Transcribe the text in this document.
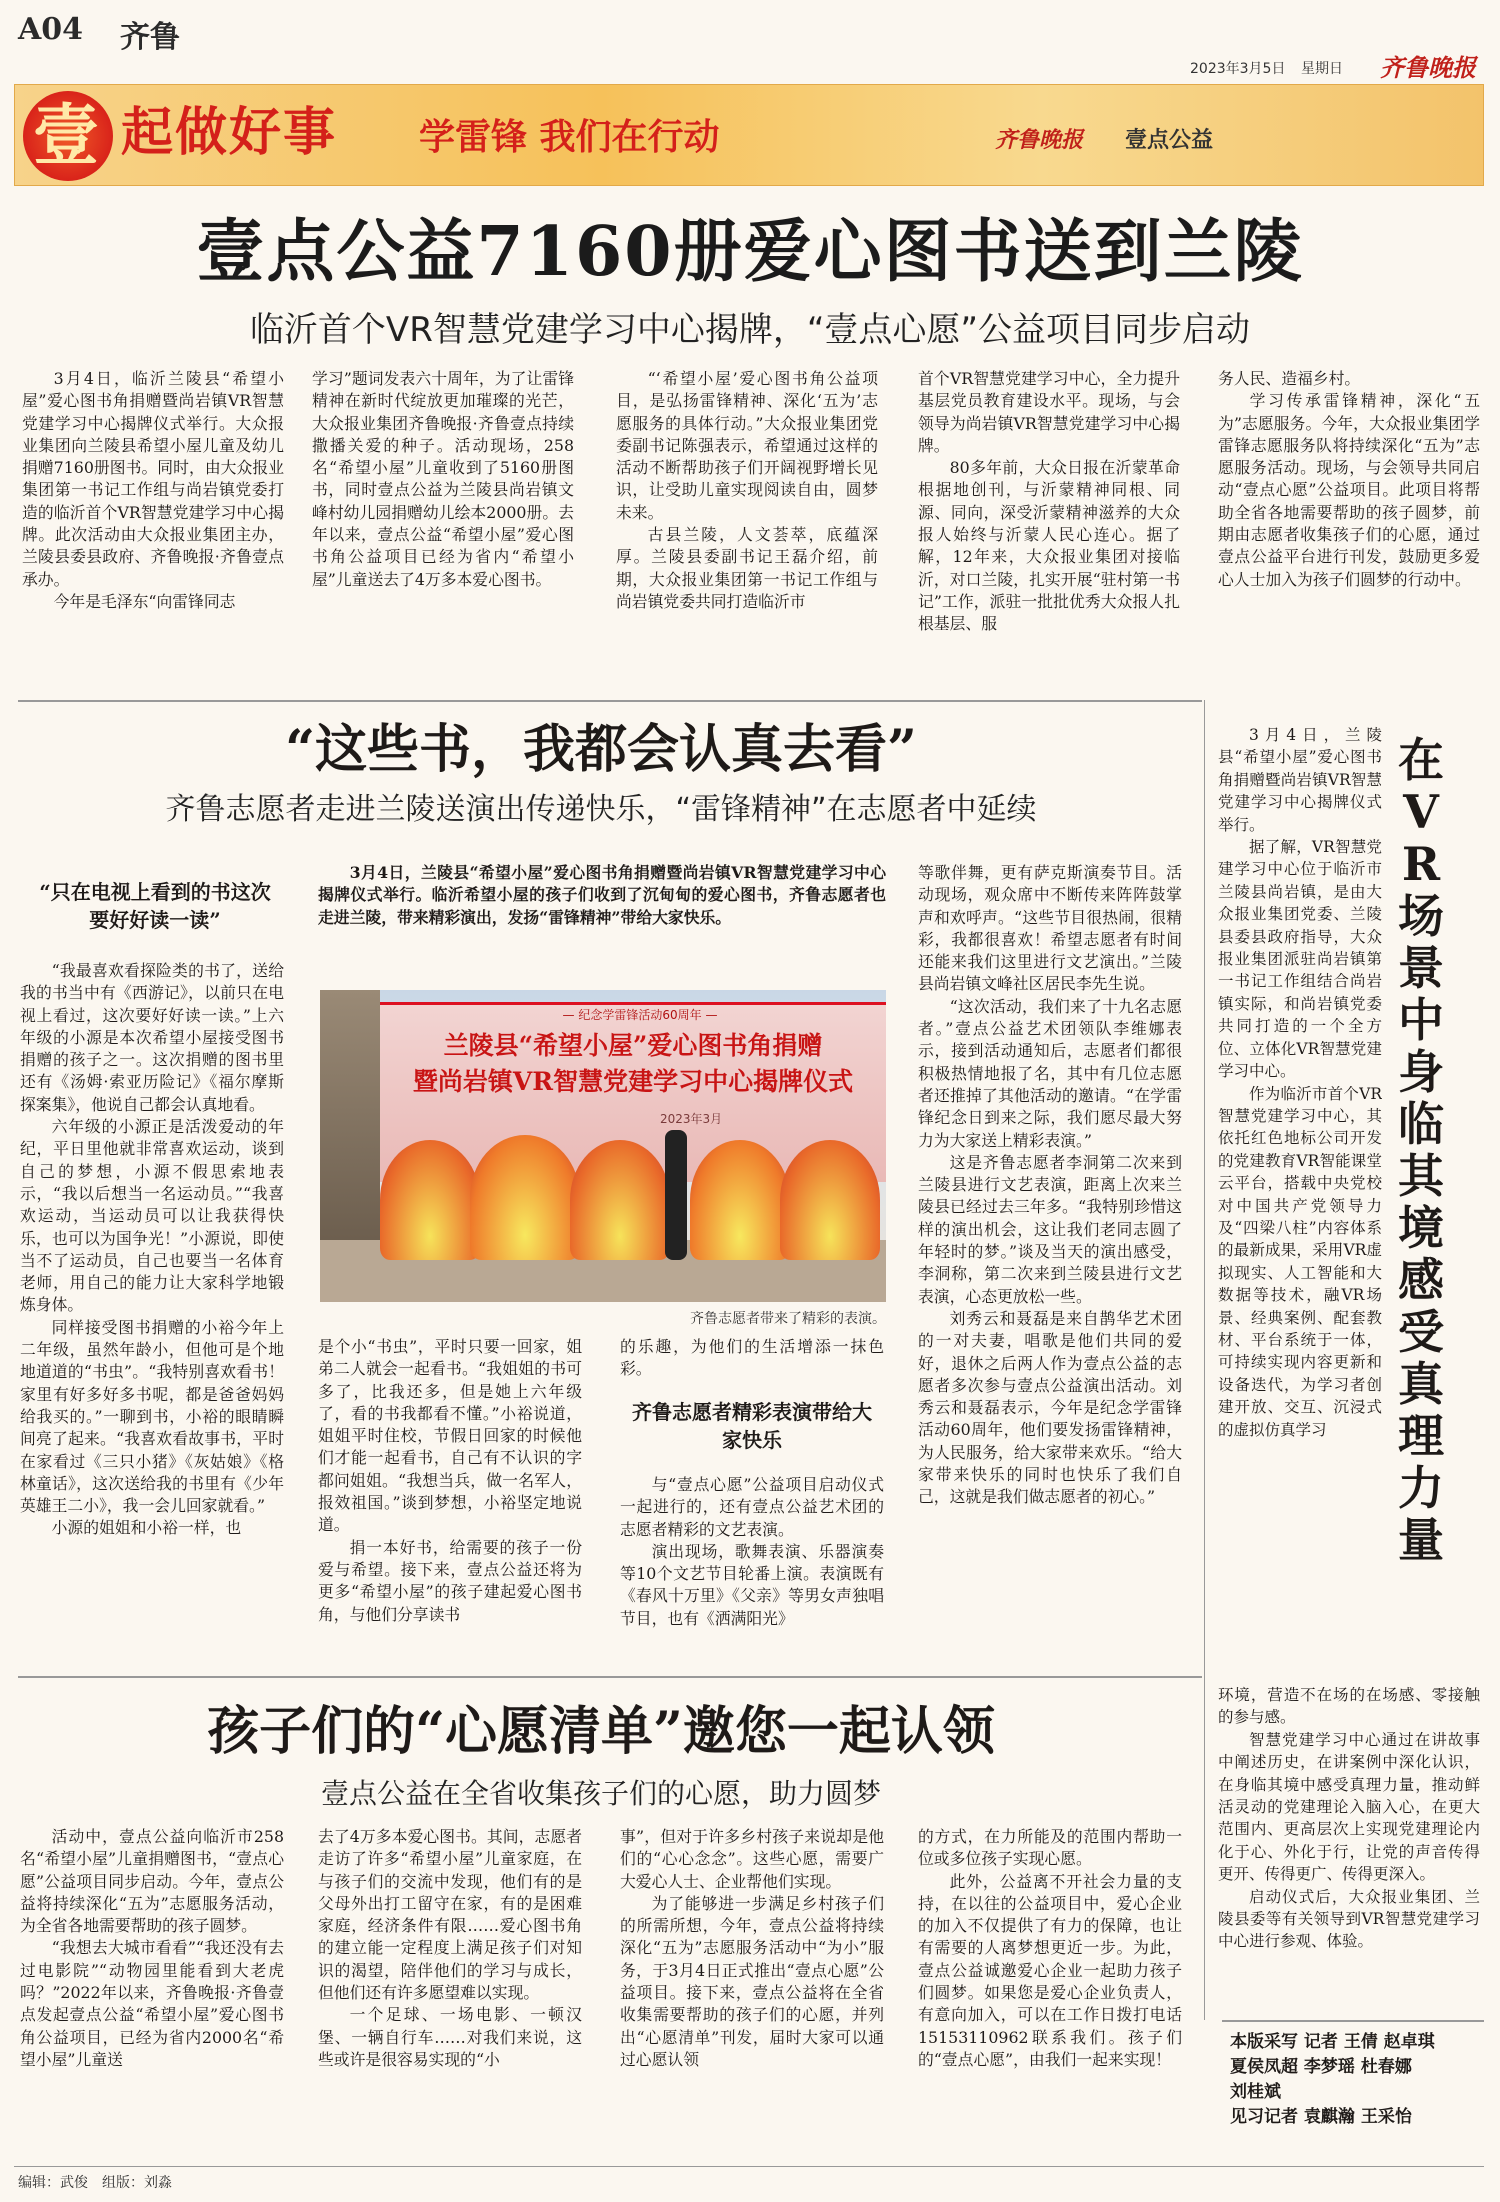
A04 齐鲁
2023年3月5日 星期日 齐鲁晚报
壹 起做好事 学雷锋 我们在行动	齐鲁晚报 壹点公益
壹点公益7160册爱心图书送到兰陵
临沂首个VR智慧党建学习中心揭牌，“壹点心愿”公益项目同步启动

3月4日，临沂兰陵县“希望小屋”爱心图书角捐赠暨尚岩镇VR智慧党建学习中心揭牌仪式举行。大众报业集团向兰陵县希望小屋儿童及幼儿捐赠7160册图书。同时，由大众报业集团第一书记工作组与尚岩镇党委打造的临沂首个VR智慧党建学习中心揭牌。此次活动由大众报业集团主办，兰陵县委县政府、齐鲁晚报·齐鲁壹点承办。

今年是毛泽东“向雷锋同志

学习”题词发表六十周年，为了让雷锋精神在新时代绽放更加璀璨的光芒，大众报业集团齐鲁晚报·齐鲁壹点持续撒播关爱的种子。活动现场，258名“希望小屋”儿童收到了5160册图书，同时壹点公益为兰陵县尚岩镇文峰村幼儿园捐赠幼儿绘本2000册。去年以来，壹点公益“希望小屋”爱心图书角公益项目已经为省内“希望小屋”儿童送去了4万多本爱心图书。

“‘希望小屋’爱心图书角公益项目，是弘扬雷锋精神、深化‘五为’志愿服务的具体行动。”大众报业集团党委副书记陈强表示，希望通过这样的活动不断帮助孩子们开阔视野增长见识，让受助儿童实现阅读自由，圆梦未来。

古县兰陵，人文荟萃，底蕴深厚。兰陵县委副书记王磊介绍，前期，大众报业集团第一书记工作组与尚岩镇党委共同打造临沂市

首个VR智慧党建学习中心，全力提升基层党员教育建设水平。现场，与会领导为尚岩镇VR智慧党建学习中心揭牌。

80多年前，大众日报在沂蒙革命根据地创刊，与沂蒙精神同根、同源、同向，深受沂蒙精神滋养的大众报人始终与沂蒙人民心连心。据了解，12年来，大众报业集团对接临沂，对口兰陵，扎实开展“驻村第一书记”工作，派驻一批批优秀大众报人扎根基层、服

务人民、造福乡村。

学习传承雷锋精神，深化“五为”志愿服务。今年，大众报业集团学雷锋志愿服务队将持续深化“五为”志愿服务活动。现场，与会领导共同启动“壹点心愿”公益项目。此项目将帮助全省各地需要帮助的孩子圆梦，前期由志愿者收集孩子们的心愿，通过壹点公益平台进行刊发，鼓励更多爱心人士加入为孩子们圆梦的行动中。

“这些书，我都会认真去看”
齐鲁志愿者走进兰陵送演出传递快乐，“雷锋精神”在志愿者中延续
“只在电视上看到的书这次要好好读一读”

“我最喜欢看探险类的书了，送给我的书当中有《西游记》，以前只在电视上看过，这次要好好读一读。”上六年级的小源是本次希望小屋接受图书捐赠的孩子之一。这次捐赠的图书里还有《汤姆·索亚历险记》《福尔摩斯探案集》，他说自己都会认真地看。

六年级的小源正是活泼爱动的年纪，平日里他就非常喜欢运动，谈到自己的梦想，小源不假思索地表示，“我以后想当一名运动员。”“我喜欢运动，当运动员可以让我获得快乐，也可以为国争光！”小源说，即使当不了运动员，自己也要当一名体育老师，用自己的能力让大家科学地锻炼身体。

同样接受图书捐赠的小裕今年上二年级，虽然年龄小，但他可是个地地道道的“书虫”。“我特别喜欢看书！家里有好多好多书呢，都是爸爸妈妈给我买的。”一聊到书，小裕的眼睛瞬间亮了起来。“我喜欢看故事书，平时在家看过《三只小猪》《灰姑娘》《格林童话》，这次送给我的书里有《少年英雄王二小》，我一会儿回家就看。”

小源的姐姐和小裕一样，也

3月4日，兰陵县“希望小屋”爱心图书角捐赠暨尚岩镇VR智慧党建学习中心揭牌仪式举行。临沂希望小屋的孩子们收到了沉甸甸的爱心图书，齐鲁志愿者也走进兰陵，带来精彩演出，发扬“雷锋精神”带给大家快乐。

— 纪念学雷锋活动60周年 —
兰陵县“希望小屋”爱心图书角捐赠
暨尚岩镇VR智慧党建学习中心揭牌仪式
2023年3月
齐鲁志愿者带来了精彩的表演。

是个小“书虫”，平时只要一回家，姐弟二人就会一起看书。“我姐姐的书可多了，比我还多，但是她上六年级了，看的书我都看不懂。”小裕说道，姐姐平时住校，节假日回家的时候他们才能一起看书，自己有不认识的字都问姐姐。“我想当兵，做一名军人，报效祖国。”谈到梦想，小裕坚定地说道。

捐一本好书，给需要的孩子一份爱与希望。接下来，壹点公益还将为更多“希望小屋”的孩子建起爱心图书角，与他们分享读书

的乐趣，为他们的生活增添一抹色彩。

齐鲁志愿者精彩表演带给大家快乐

与“壹点心愿”公益项目启动仪式一起进行的，还有壹点公益艺术团的志愿者精彩的文艺表演。

演出现场，歌舞表演、乐器演奏等10个文艺节目轮番上演。表演既有《春风十万里》《父亲》等男女声独唱节目，也有《洒满阳光》

等歌伴舞，更有萨克斯演奏节目。活动现场，观众席中不断传来阵阵鼓掌声和欢呼声。“这些节目很热闹，很精彩，我都很喜欢！希望志愿者有时间还能来我们这里进行文艺演出。”兰陵县尚岩镇文峰社区居民李先生说。

“这次活动，我们来了十九名志愿者。”壹点公益艺术团领队李维娜表示，接到活动通知后，志愿者们都很积极热情地报了名，其中有几位志愿者还推掉了其他活动的邀请。“在学雷锋纪念日到来之际，我们愿尽最大努力为大家送上精彩表演。”

这是齐鲁志愿者李洞第二次来到兰陵县进行文艺表演，距离上次来兰陵县已经过去三年多。“我特别珍惜这样的演出机会，这让我们老同志圆了年轻时的梦。”谈及当天的演出感受，李洞称，第二次来到兰陵县进行文艺表演，心态更放松一些。

刘秀云和聂磊是来自鹊华艺术团的一对夫妻，唱歌是他们共同的爱好，退休之后两人作为壹点公益的志愿者多次参与壹点公益演出活动。刘秀云和聂磊表示，今年是纪念学雷锋活动60周年，他们要发扬雷锋精神，为人民服务，给大家带来欢乐。“给大家带来快乐的同时也快乐了我们自己，这就是我们做志愿者的初心。”

在VR场景中身临其境感受真理力量

3月4日，兰陵县“希望小屋”爱心图书角捐赠暨尚岩镇VR智慧党建学习中心揭牌仪式举行。

据了解，VR智慧党建学习中心位于临沂市兰陵县尚岩镇，是由大众报业集团党委、兰陵县委县政府指导，大众报业集团派驻尚岩镇第一书记工作组结合尚岩镇实际，和尚岩镇党委共同打造的一个全方位、立体化VR智慧党建学习中心。

作为临沂市首个VR智慧党建学习中心，其依托红色地标公司开发的党建教育VR智能课堂云平台，搭载中央党校对中国共产党领导力及“四梁八柱”内容体系的最新成果，采用VR虚拟现实、人工智能和大数据等技术，融VR场景、经典案例、配套教材、平台系统于一体，可持续实现内容更新和设备迭代，为学习者创建开放、交互、沉浸式的虚拟仿真学习

环境，营造不在场的在场感、零接触的参与感。

智慧党建学习中心通过在讲故事中阐述历史，在讲案例中深化认识，在身临其境中感受真理力量，推动鲜活灵动的党建理论入脑入心，在更大范围内、更高层次上实现党建理论内化于心、外化于行，让党的声音传得更开、传得更广、传得更深入。

启动仪式后，大众报业集团、兰陵县委等有关领导到VR智慧党建学习中心进行参观、体验。

孩子们的“心愿清单”邀您一起认领
壹点公益在全省收集孩子们的心愿，助力圆梦

活动中，壹点公益向临沂市258名“希望小屋”儿童捐赠图书，“壹点心愿”公益项目同步启动。今年，壹点公益将持续深化“五为”志愿服务活动，为全省各地需要帮助的孩子圆梦。

“我想去大城市看看”“我还没有去过电影院”“动物园里能看到大老虎吗？”2022年以来，齐鲁晚报·齐鲁壹点发起壹点公益“希望小屋”爱心图书角公益项目，已经为省内2000名“希望小屋”儿童送

去了4万多本爱心图书。其间，志愿者走访了许多“希望小屋”儿童家庭，在与孩子们的交流中发现，他们有的是父母外出打工留守在家，有的是困难家庭，经济条件有限……爱心图书角的建立能一定程度上满足孩子们对知识的渴望，陪伴他们的学习与成长，但他们还有许多愿望难以实现。

一个足球、一场电影、一顿汉堡、一辆自行车……对我们来说，这些或许是很容易实现的“小

事”，但对于许多乡村孩子来说却是他们的“心心念念”。这些心愿，需要广大爱心人士、企业帮他们实现。

为了能够进一步满足乡村孩子们的所需所想，今年，壹点公益将持续深化“五为”志愿服务活动中“为小”服务，于3月4日正式推出“壹点心愿”公益项目。接下来，壹点公益将在全省收集需要帮助的孩子们的心愿，并列出“心愿清单”刊发，届时大家可以通过心愿认领

的方式，在力所能及的范围内帮助一位或多位孩子实现心愿。

此外，公益离不开社会力量的支持，在以往的公益项目中，爱心企业的加入不仅提供了有力的保障，也让有需要的人离梦想更近一步。为此，壹点公益诚邀爱心企业一起助力孩子们圆梦。如果您是爱心企业负责人，有意向加入，可以在工作日拨打电话15153110962联系我们。孩子们的“壹点心愿”，由我们一起来实现！

本版采写 记者 王倩 赵卓琪
夏侯凤超 李梦瑶 杜春娜
刘桂斌
见习记者 袁麒瀚 王采怡
编辑：武俊　组版：刘淼
